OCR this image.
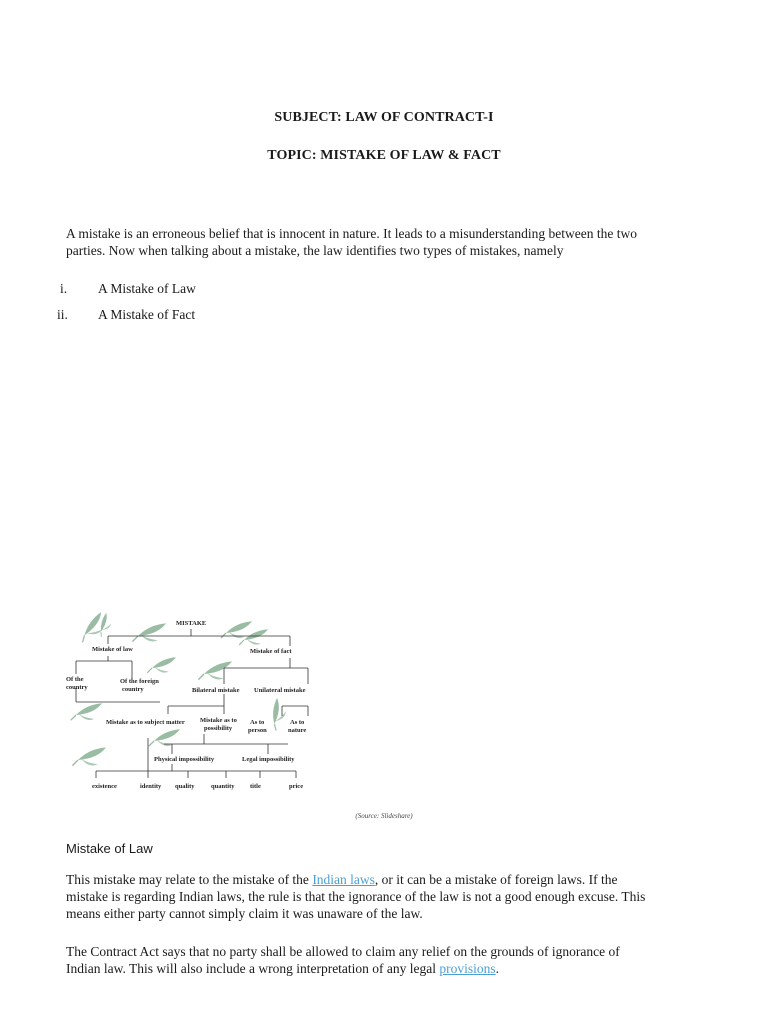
SUBJECT: LAW OF CONTRACT-I
TOPIC: MISTAKE OF LAW & FACT
A mistake is an erroneous belief that is innocent in nature. It leads to a misunderstanding between the two
parties. Now when talking about a mistake, the law identifies two types of mistakes, namely
i. A Mistake of Law
ii. A Mistake of Fact
MISTAKE
Mistake of law	Mistake of fact
Of the
country
Of the foreign
country	Bilateral mistake Unilateral mistake
Mistake as to subject matter Mistake as to
possibility
As to
person
As to
nature
Physical impossibility	Legal impossibility
existence	identity quality	quantity title	price
(Source: Slideshare)
Mistake of Law
This mistake may relate to the mistake of the Indian laws, or it can be a mistake of foreign laws. If the
mistake is regarding Indian laws, the rule is that the ignorance of the law is not a good enough excuse. This
means either party cannot simply claim it was unaware of the law.
The Contract Act says that no party shall be allowed to claim any relief on the grounds of ignorance of
Indian law. This will also include a wrong interpretation of any legal provisions.
